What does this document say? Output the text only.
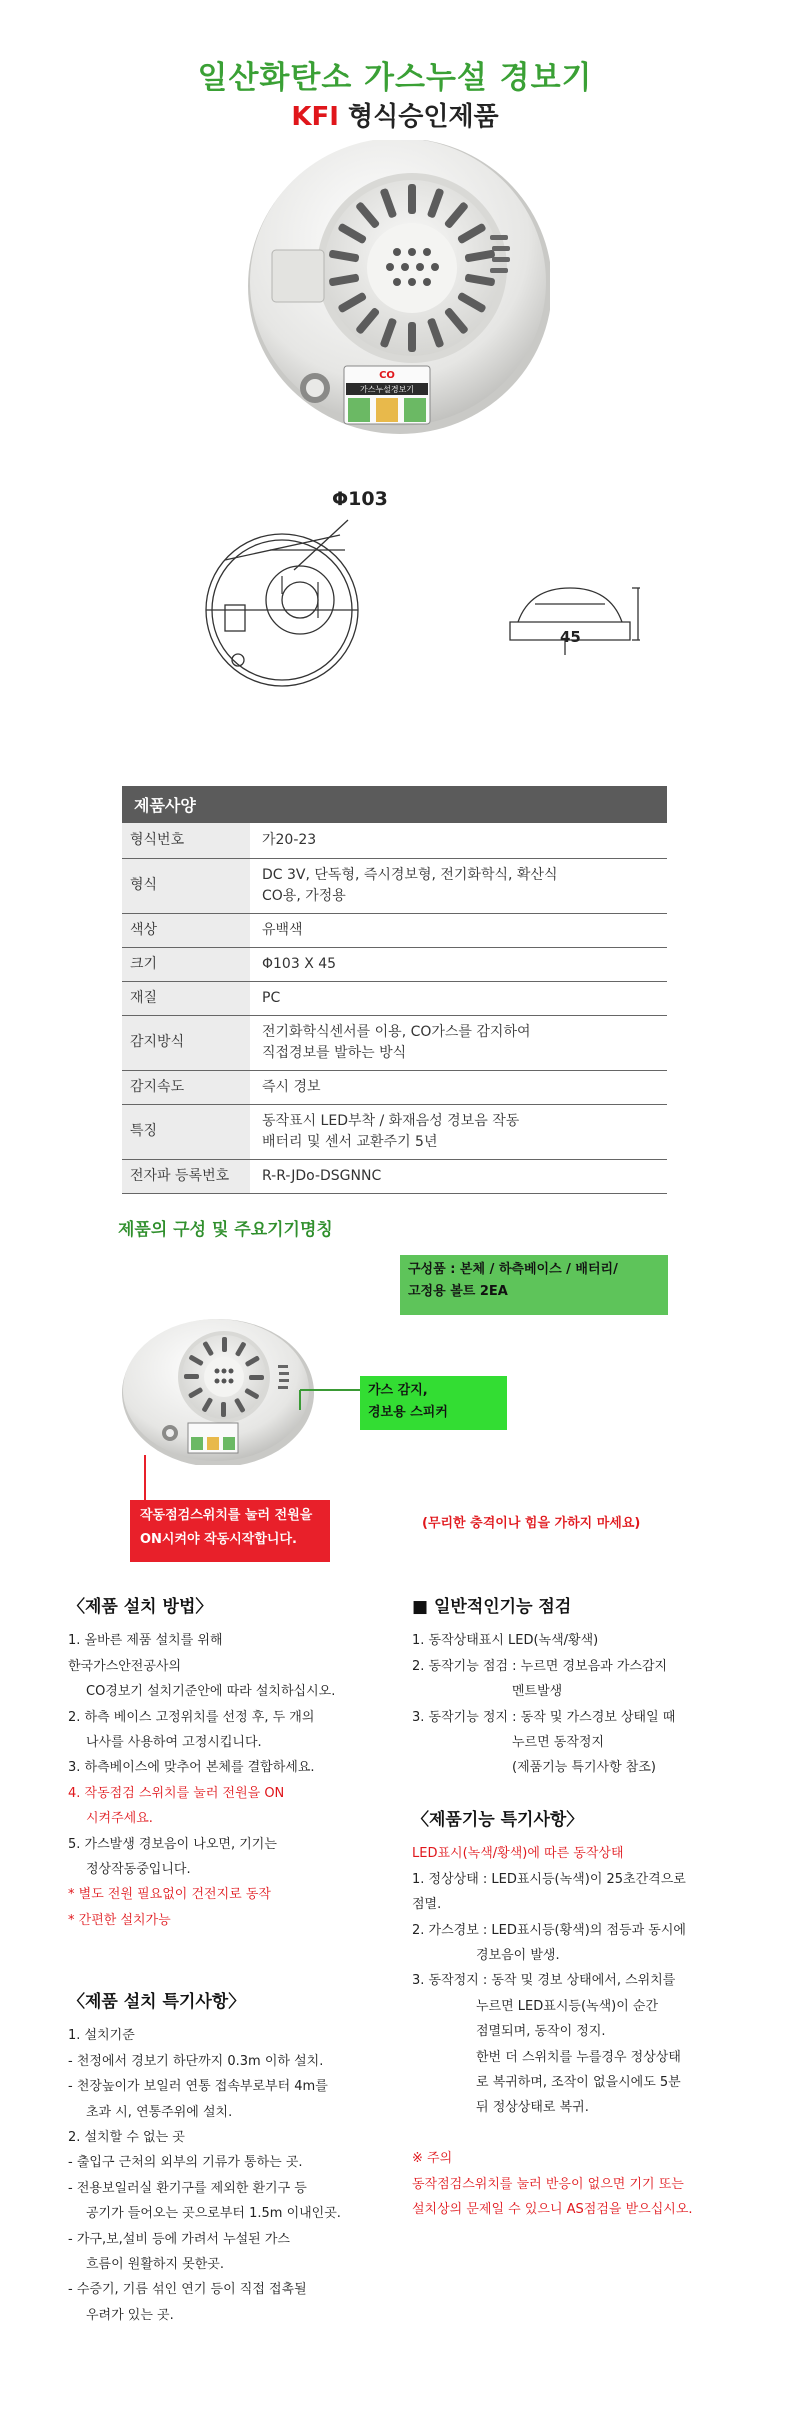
일산화탄소 가스누설 경보기
KFI 형식승인제품
CO
가스누설경보기
Φ103
45
제품사양	
형식번호	가20-23
형식	DC 3V, 단독형, 즉시경보형, 전기화학식, 확산식
CO용, 가정용
색상	유백색
크기	Φ103 X 45
재질	PC
감지방식	전기화학식센서를 이용, CO가스를 감지하여
직접경보를 발하는 방식
감지속도	즉시 경보
특징	동작표시 LED부착 / 화재음성 경보음 작동
배터리 및 센서 교환주기 5년
전자파 등록번호	R-R-JDo-DSGNNC
제품의 구성 및 주요기기명칭
구성품 : 본체 / 하측베이스 / 배터리/
고정용 볼트 2EA
가스 감지,
경보용 스피커
작동점검스위치를 눌러 전원을
ON시켜야 작동시작합니다.
(무리한 충격이나 힘을 가하지 마세요)
〈제품 설치 방법〉

1. 올바른 제품 설치를 위해

한국가스안전공사의

CO경보기 설치기준안에 따라 설치하십시오.

2. 하측 베이스 고정위치를 선정 후, 두 개의

나사를 사용하여 고정시킵니다.

3. 하측베이스에 맞추어 본체를 결합하세요.

4. 작동점검 스위치를 눌러 전원을 ON

시켜주세요.

5. 가스발생 경보음이 나오면, 기기는

정상작동중입니다.

* 별도 전원 필요없이 건전지로 동작

* 간편한 설치가능

〈제품 설치 특기사항〉

1. 설치기준

- 천정에서 경보기 하단까지 0.3m 이하 설치.

- 천장높이가 보일러 연통 접속부로부터 4m를

초과 시, 연통주위에 설치.

2. 설치할 수 없는 곳

- 출입구 근처의 외부의 기류가 통하는 곳.

- 전용보일러실 환기구를 제외한 환기구 등

공기가 들어오는 곳으로부터 1.5m 이내인곳.

- 가구,보,설비 등에 가려서 누설된 가스

흐름이 원활하지 못한곳.

- 수증기, 기름 섞인 연기 등이 직접 접촉될

우려가 있는 곳.

■ 일반적인기능 점검

1. 동작상태표시 LED(녹색/황색)

2. 동작기능 점검 : 누르면 경보음과 가스감지

멘트발생

3. 동작기능 정지 : 동작 및 가스경보 상태일 때

누르면 동작정지

(제품기능 특기사항 참조)

〈제품기능 특기사항〉

LED표시(녹색/황색)에 따른 동작상태

1. 정상상태 : LED표시등(녹색)이 25초간격으로

점멸.

2. 가스경보 : LED표시등(황색)의 점등과 동시에

경보음이 발생.

3. 동작정지 : 동작 및 경보 상태에서, 스위치를

누르면 LED표시등(녹색)이 순간

점멸되며, 동작이 정지.

한번 더 스위치를 누를경우 정상상태

로 복귀하며, 조작이 없을시에도 5분

뒤 정상상태로 복귀.

※ 주의

동작점검스위치를 눌러 반응이 없으면 기기 또는

설치상의 문제일 수 있으니 AS점검을 받으십시오.
